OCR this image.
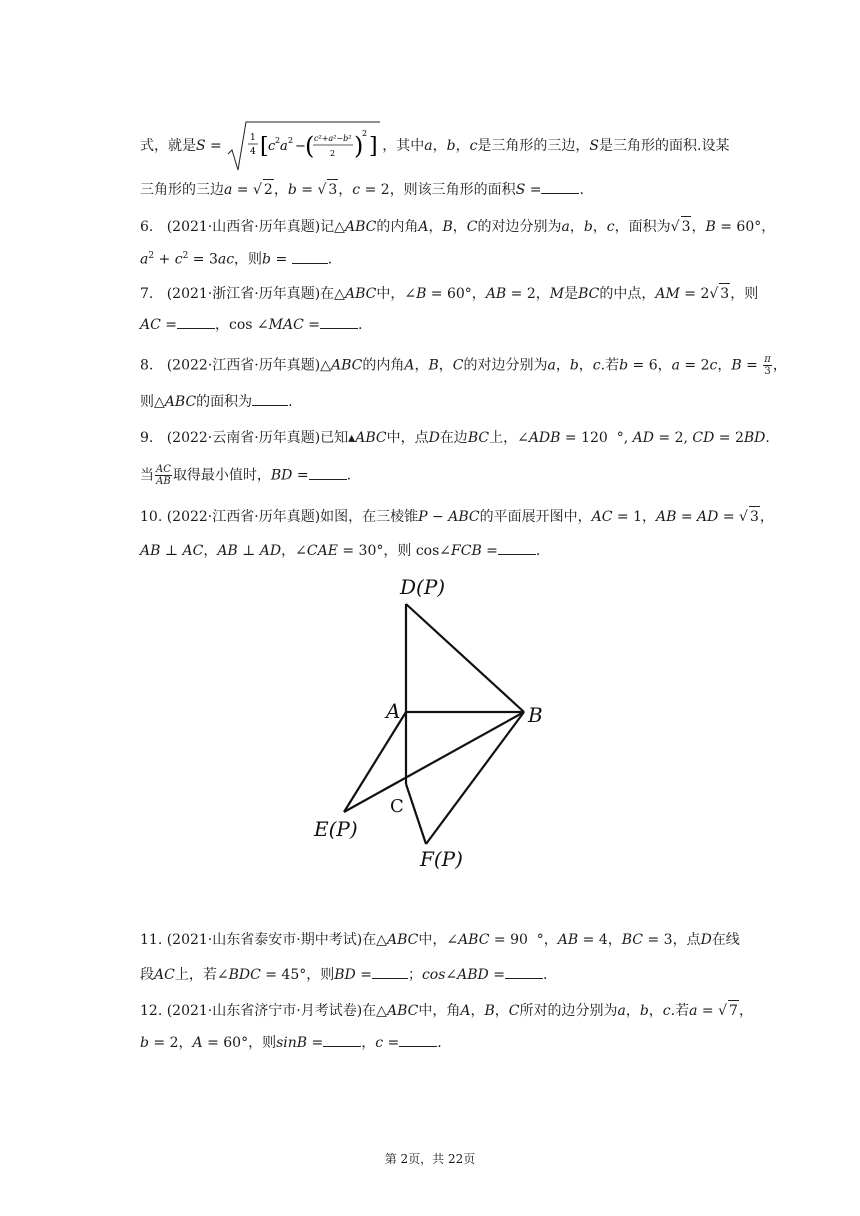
式，就是S =	1
4 [ c 2 a 2 − ( c²+a²−b²
2 )
2
] ，其中a，b，c是三角形的三边，S是三角形的面积.设某
三角形的三边a = √ 2，b = √ 3，c = 2，则该三角形的面积S =	.
6. (2021·山西省·历年真题)记△ABC的内角A，B，C的对边分别为a，b，c，面积为√ 3，B = 60°，
$a^2 + c^2 = 3ac$，则b =	.
7. (2021·浙江省·历年真题)在△ABC中，∠B = 60°，AB = 2，M是BC的中点，AM = 2√ 3，则
AC =	，cos ∠MAC =	.
8. (2022·江西省·历年真题)△ABC的内角A，B，C的对边分别为a，b，c.若b = 6，a = 2c，$B = \frac{\pi}{3}$ ，
则△ABC的面积为	.
9. (2022·云南省·历年真题)已知▴ABC中，点D在边BC上，∠ADB = 120  °, AD = 2, CD = 2BD.
当 $\frac{AC}{AB}$ 取得最小值时，BD =	.
10. (2022·江西省·历年真题)如图，在三棱锥P − ABC的平面展开图中，AC = 1，AB = AD = √ 3，
AB ⊥ AC，AB ⊥ AD，∠CAE = 30°，则 cos∠FCB =	.
D(P)
A	B
C
E(P)
F(P)
11. (2021·山东省泰安市·期中考试)在△ABC中，∠ABC = 90  °，AB = 4，BC = 3，点D在线
段AC上，若∠BDC = 45°，则BD =	；cos∠ABD =	.
12. (2021·山东省济宁市·月考试卷)在△ABC中，角A，B，C所对的边分别为a，b，c.若a = √ 7，
b = 2，A = 60°，则sinB =	，c =	.
第 2页，共 22页
